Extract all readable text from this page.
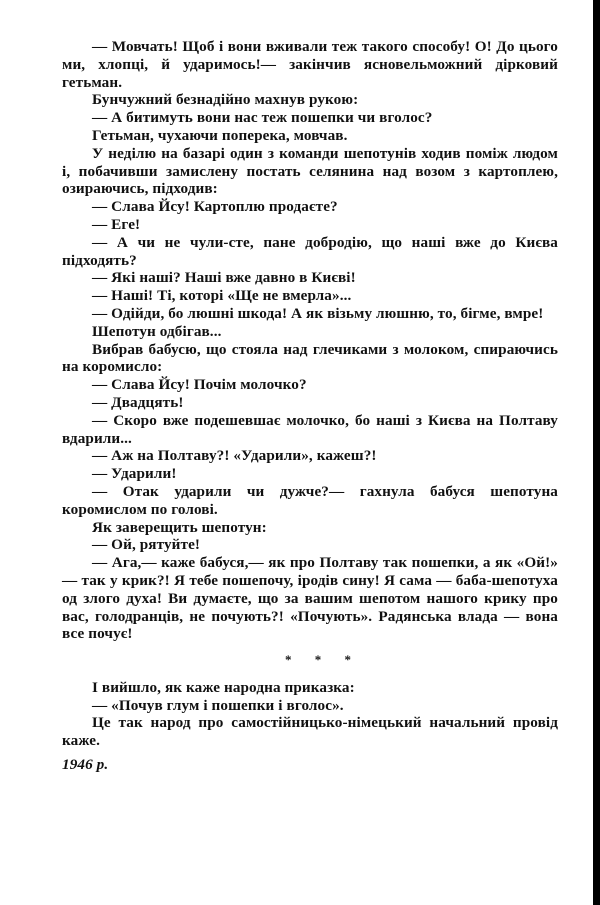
— Мовчать! Щоб і вони вживали теж такого способу! О! До цього ми, хлопці, й ударимось!— закінчив ясновельможний дірковий гетьман.

Бунчужний безнадійно махнув рукою:

— А битимуть вони нас теж пошепки чи вголос?

Гетьман, чухаючи поперека, мовчав.

У неділю на базарі один з команди шепотунів ходив поміж людом і, побачивши замислену постать селянина над возом з картоплею, озираючись, підходив:

— Слава Йсу! Картоплю продаєте?

— Еге!

— А чи не чули-сте, пане добродію, що наші вже до Києва підходять?

— Які наші? Наші вже давно в Києві!

— Наші! Ті, которі «Ще не вмерла»...

— Одійди, бо люшні шкода! А як візьму люшню, то, бігме, вмре!

Шепотун одбігав...

Вибрав бабусю, що стояла над глечиками з молоком, спираючись на коромисло:

— Слава Йсу! Почім молочко?

— Двадцять!

— Скоро вже подешевшає молочко, бо наші з Києва на Полтаву вдарили...

— Аж на Полтаву?! «Ударили», кажеш?!

— Ударили!

— Отак ударили чи дужче?— гахнула бабуся шепотуна коромислом по голові.

Як заверещить шепотун:

— Ой, рятуйте!

— Ага,— каже бабуся,— як про Полтаву так пошепки, а як «Ой!» — так у крик?! Я тебе пошепочу, іродів сину! Я сама — баба-шепотуха од злого духа! Ви думаєте, що за вашим шепотом нашого крику про вас, голодранців, не почують?! «Почують». Радянська влада — вона все почує!

* * *

І вийшло, як каже народна приказка:

— «Почув глум і пошепки і вголос».

Це так народ про самостійницько-німецький начальний провід каже.

1946 р.
